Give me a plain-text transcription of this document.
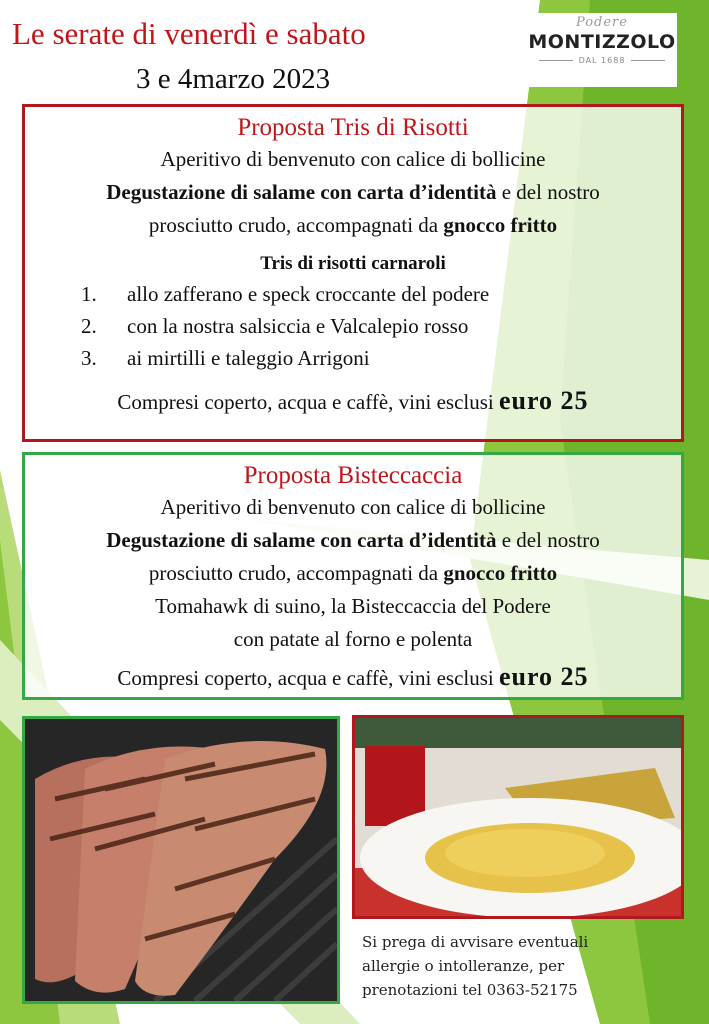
Le serate di venerdì e sabato
3 e 4marzo 2023
Podere
MONTIZZOLO
DAL 1688
Proposta Tris di Risotti
Aperitivo di benvenuto con calice di bollicine
Degustazione di salame con carta d’identità e del nostro
prosciutto crudo, accompagnati da gnocco fritto
Tris di risotti carnaroli
1.	allo zafferano e speck croccante del podere
2.	con la nostra salsiccia e Valcalepio rosso
3.	ai mirtilli e taleggio Arrigoni
Compresi coperto, acqua e caffè, vini esclusi euro 25
Proposta Bisteccaccia
Aperitivo di benvenuto con calice di bollicine
Degustazione di salame con carta d’identità e del nostro
prosciutto crudo, accompagnati da gnocco fritto
Tomahawk di suino, la Bisteccaccia del Podere
con patate al forno e polenta
Compresi coperto, acqua e caffè, vini esclusi euro 25
Si prega di avvisare eventuali
allergie o intolleranze, per
prenotazioni tel 0363-52175
